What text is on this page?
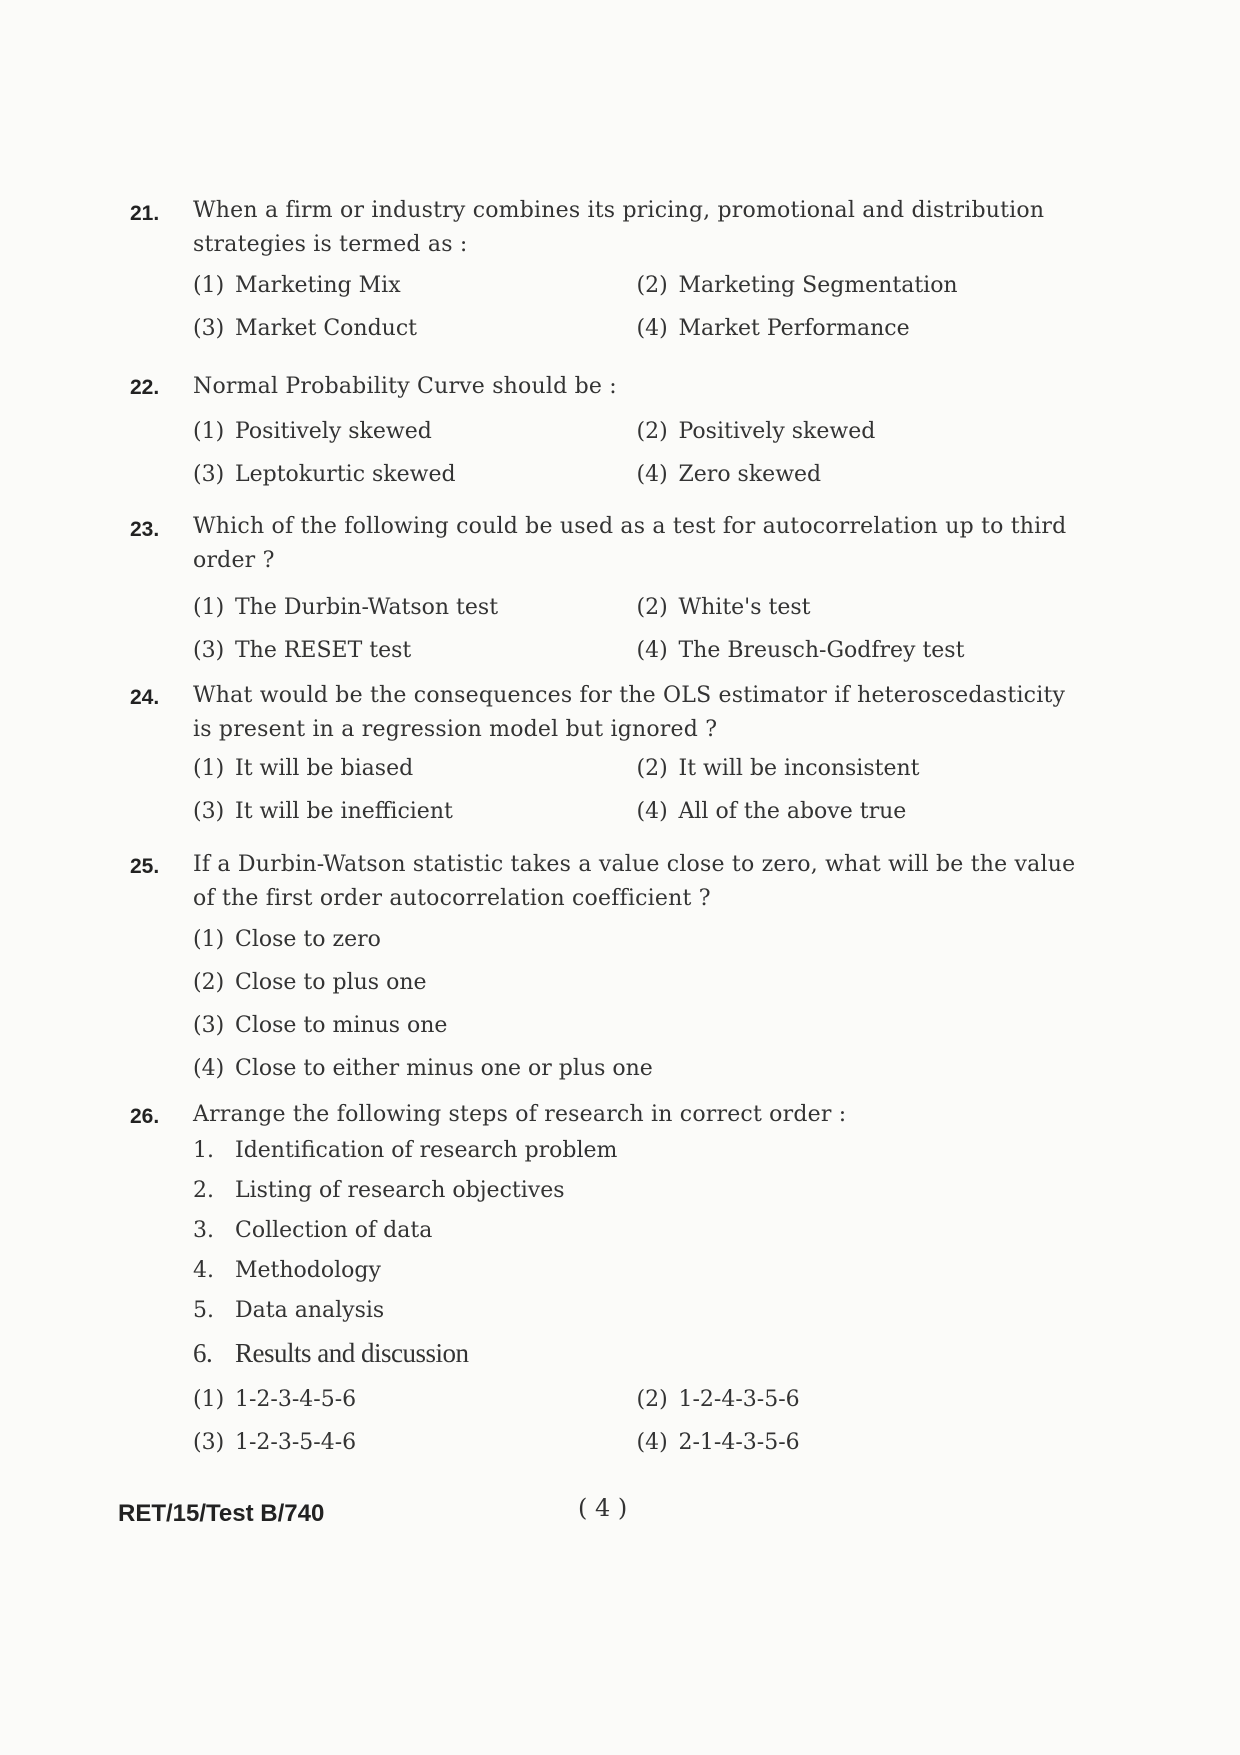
21. When a firm or industry combines its pricing, promotional and distribution strategies is termed as :
(1) Marketing Mix	(2) Marketing Segmentation
(3) Market Conduct	(4) Market Performance
22. Normal Probability Curve should be :
(1) Positively skewed	(2) Positively skewed
(3) Leptokurtic skewed	(4) Zero skewed
23. Which of the following could be used as a test for autocorrelation up to third order ?
(1) The Durbin-Watson test	(2) White's test
(3) The RESET test	(4) The Breusch-Godfrey test
24. What would be the consequences for the OLS estimator if heteroscedasticity is present in a regression model but ignored ?
(1) It will be biased	(2) It will be inconsistent
(3) It will be inefficient	(4) All of the above true
25. If a Durbin-Watson statistic takes a value close to zero, what will be the value of the first order autocorrelation coefficient ?
(1) Close to zero
(2) Close to plus one
(3) Close to minus one
(4) Close to either minus one or plus one
26. Arrange the following steps of research in correct order :
1. Identification of research problem
2. Listing of research objectives
3. Collection of data
4. Methodology
5. Data analysis
6. Results and discussion
(1) 1-2-3-4-5-6	(2) 1-2-4-3-5-6
(3) 1-2-3-5-4-6	(4) 2-1-4-3-5-6
RET/15/Test B/740	( 4 )
